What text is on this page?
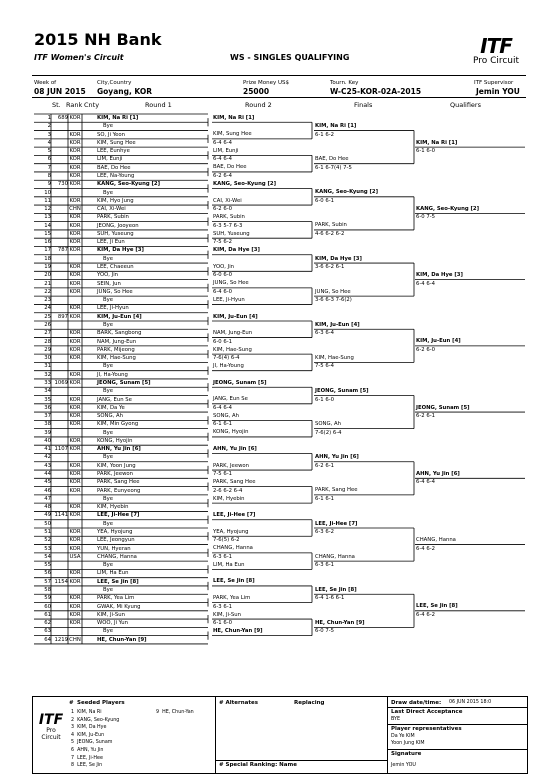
2015 NH Bank
ITF Women's Circuit	WS - SINGLES QUALIFYING	ITF
Pro Circuit
Week of
08 JUN 2015
City,Country
Goyang, KOR
Prize Money US$
25000
Tourn. Key
W-C25-KOR-02A-2015
ITF Supervisor
Jemin YOU
St. Rank Cnty	Round 1	Round 2	Finals	Qualifiers
1	689 KOR	KIM, Na Ri [1]
2	Bye
3	KOR	SO, Ji Yeon
4	KOR	KIM, Sung Hee
5	KOR	LEE, Eunhye
6	KOR	LIM, Eunji
7	KOR	BAE, Do Hee
8	KOR	LEE, Na-Young
9	730 KOR	KANG, Seo-Kyung [2]
10	Bye
11	KOR	KIM, Hyo Jung
12	CHN	CAI, Xi-Wei
13	KOR	PARK, Subin
14	KOR	JEONG, Jooyeon
15	KOR	SUH, Yuseung
16	KOR	LEE, Ji Eun
17	787 KOR	KIM, Da Hye [3]
18	Bye
19	KOR	LEE, Chaeeun
20	KOR	YOO, Jin
21	KOR	SEIN, Jun
22	KOR	JUNG, So Hee
23	Bye
24	KOR	LEE, Ji-Hyun
25	897 KOR	KIM, Ju-Eun [4]
26	Bye
27	KOR	BARK, Sangbong
28	KOR	NAM, Jung-Eun
29	KOR	PARK, Mijeong
30	KOR	KIM, Hae-Sung
31	Bye
32	KOR	JI, Ha-Young
33 1069 KOR	JEONG, Sunam [5]
34	Bye
35	KOR	JANG, Eun Se
36	KOR	KIM, Da Ye
37	KOR	SONG, Ah
38	KOR	KIM, Min Gyong
39	Bye
40	KOR	KONG, Hyojin
41 1107 KOR	AHN, Yu Jin [6]
42	Bye
43	KOR	KIM, Yoon Jung
44	KOR	PARK, Jeewon
45	KOR	PARK, Sang Hee
46	KOR	PARK, Eunyeong
47	Bye
48	KOR	KIM, Hyebin
49 1141 KOR	LEE, Ji-Hee [7]
50	Bye
51	KOR	YEA, Hyojung
52	KOR	LEE, Jeongyun
53	KOR	YUN, Hyeran
54	USA	CHANG, Hanna
55	Bye
56	KOR	LIM, Ha Eun
57 1154 KOR	LEE, Se Jin [8]
58	Bye
59	KOR	PARK, Yea Lim
60	KOR	GWAK, Mi Kyung
61	KOR	KIM, Ji-Sun
62	KOR	WOO, Ji Yun
63	Bye
64 1219 CHN	HE, Chun-Yan [9]
KIM, Na Ri [1]
KIM, Sung Hee
6-4 6-4
LIM, Eunji
6-4 6-4
BAE, Do Hee
6-2 6-4
KANG, Seo-Kyung [2]
CAI, Xi-Wei
6-2 6-0
PARK, Subin
6-3 5-7 6-3
SUH, Yuseung
7-5 6-2
KIM, Da Hye [3]
YOO, Jin
6-0 6-0
JUNG, So Hee
6-4 6-0
LEE, Ji-Hyun
KIM, Ju-Eun [4]
NAM, Jung-Eun
6-0 6-1
KIM, Hae-Sung
7-6(4) 6-4
JI, Ha-Young
JEONG, Sunam [5]
JANG, Eun Se
6-4 6-4
SONG, Ah
6-1 6-1
KONG, Hyojin
AHN, Yu Jin [6]
PARK, Jeewon
7-5 6-1
PARK, Sang Hee
2-6 6-2 6-4
KIM, Hyebin
LEE, Ji-Hee [7]
YEA, Hyojung
7-6(5) 6-2
CHANG, Hanna
6-3 6-1
LIM, Ha Eun
LEE, Se Jin [8]
PARK, Yea Lim
6-3 6-1
KIM, Ji-Sun
6-1 6-0
HE, Chun-Yan [9]
KIM, Na Ri [1]
6-1 6-2
BAE, Do Hee
6-1 6-7(4) 7-5
KANG, Seo-Kyung [2]
6-0 6-1
PARK, Subin
4-6 6-2 6-2
KIM, Da Hye [3]
3-6 6-2 6-1
JUNG, So Hee
3-6 6-3 7-6(2)
KIM, Ju-Eun [4]
6-3 6-4
KIM, Hae-Sung
7-5 6-4
JEONG, Sunam [5]
6-1 6-0
SONG, Ah
7-6(2) 6-4
AHN, Yu Jin [6]
6-2 6-1
PARK, Sang Hee
6-1 6-1
LEE, Ji-Hee [7]
6-3 6-2
CHANG, Hanna
6-3 6-1
LEE, Se Jin [8]
6-4 1-6 6-1
HE, Chun-Yan [9]
6-0 7-5
KIM, Na Ri [1]
6-1 6-0
KANG, Seo-Kyung [2]
6-0 7-5
KIM, Da Hye [3]
6-4 6-4
KIM, Ju-Eun [4]
6-2 6-0
JEONG, Sunam [5]
6-2 6-1
AHN, Yu Jin [6]
6-4 6-4
CHANG, Hanna
6-4 6-2
LEE, Se Jin [8]
6-4 6-2
Seeded Players
#
1 KIM, Na Ri
2 KANG, Seo-Kyung
3 KIM, Da Hye
4 KIM, Ju-Eun
5 JEONG, Sunam
6 AHN, Yu Jin
7 LEE, Ji-Hee
8 LEE, Se Jin
9 HE, Chun-Yan
# Alternates	Replacing
# Special Ranking: Name
Draw date/time: 06 JUN 2015 18:0
Last Direct Acceptance
BYE
Player representatives
Da Ye KIM
Yoon Jung KIM
Signature
Jemin YOU
ITF
Pro Circuit
